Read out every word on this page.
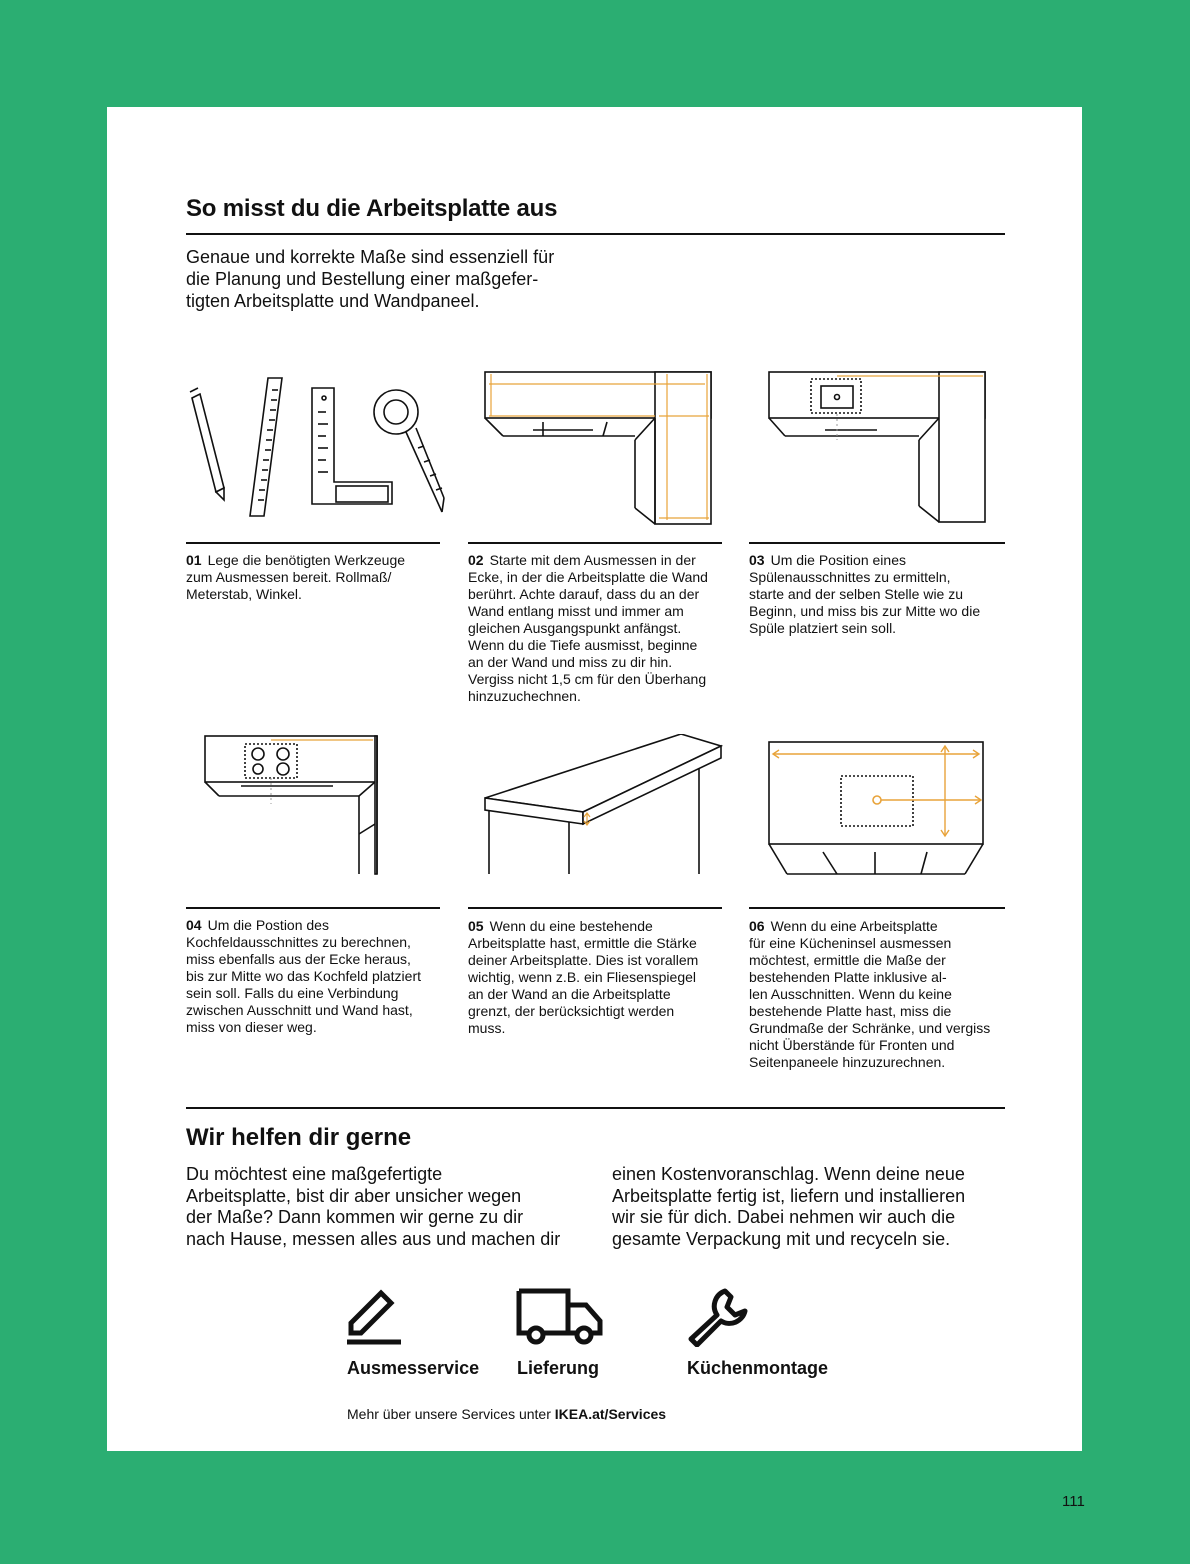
So misst du die Arbeitsplatte aus
Genaue und korrekte Maße sind essenziell für
die Planung und Bestellung einer maßgefer-
tigten Arbeitsplatte und Wandpaneel.
01 Lege die benötigten Werkzeuge
zum Ausmessen bereit. Rollmaß/
Meterstab, Winkel.
02 Starte mit dem Ausmessen in der
Ecke, in der die Arbeitsplatte die Wand
berührt. Achte darauf, dass du an der
Wand entlang misst und immer am
gleichen Ausgangspunkt anfängst.
Wenn du die Tiefe ausmisst, beginne
an der Wand und miss zu dir hin.
Vergiss nicht 1,5 cm für den Überhang
hinzuzuchechnen.
03 Um die Position eines
Spülenausschnittes zu ermitteln,
starte and der selben Stelle wie zu
Beginn, und miss bis zur Mitte wo die
Spüle platziert sein soll.
04 Um die Postion des
Kochfeldausschnittes zu berechnen,
miss ebenfalls aus der Ecke heraus,
bis zur Mitte wo das Kochfeld platziert
sein soll. Falls du eine Verbindung
zwischen Ausschnitt und Wand hast,
miss von dieser weg.
05 Wenn du eine bestehende
Arbeitsplatte hast, ermittle die Stärke
deiner Arbeitsplatte. Dies ist vorallem
wichtig, wenn z.B. ein Fliesenspiegel
an der Wand an die Arbeitsplatte
grenzt, der berücksichtigt werden
muss.
06 Wenn du eine Arbeitsplatte
für eine Kücheninsel ausmessen
möchtest, ermittle die Maße der
bestehenden Platte inklusive al-
len Ausschnitten. Wenn du keine
bestehende Platte hast, miss die
Grundmaße der Schränke, und vergiss
nicht Überstände für Fronten und
Seitenpaneele hinzuzurechnen.
Wir helfen dir gerne
Du möchtest eine maßgefertigte
Arbeitsplatte, bist dir aber unsicher wegen
der Maße? Dann kommen wir gerne zu dir
nach Hause, messen alles aus und machen dir
einen Kostenvoranschlag. Wenn deine neue
Arbeitsplatte fertig ist, liefern und installieren
wir sie für dich. Dabei nehmen wir auch die
gesamte Verpackung mit und recyceln sie.
Ausmesservice Lieferung	Küchenmontage
Mehr über unsere Services unter IKEA.at/Services
111
